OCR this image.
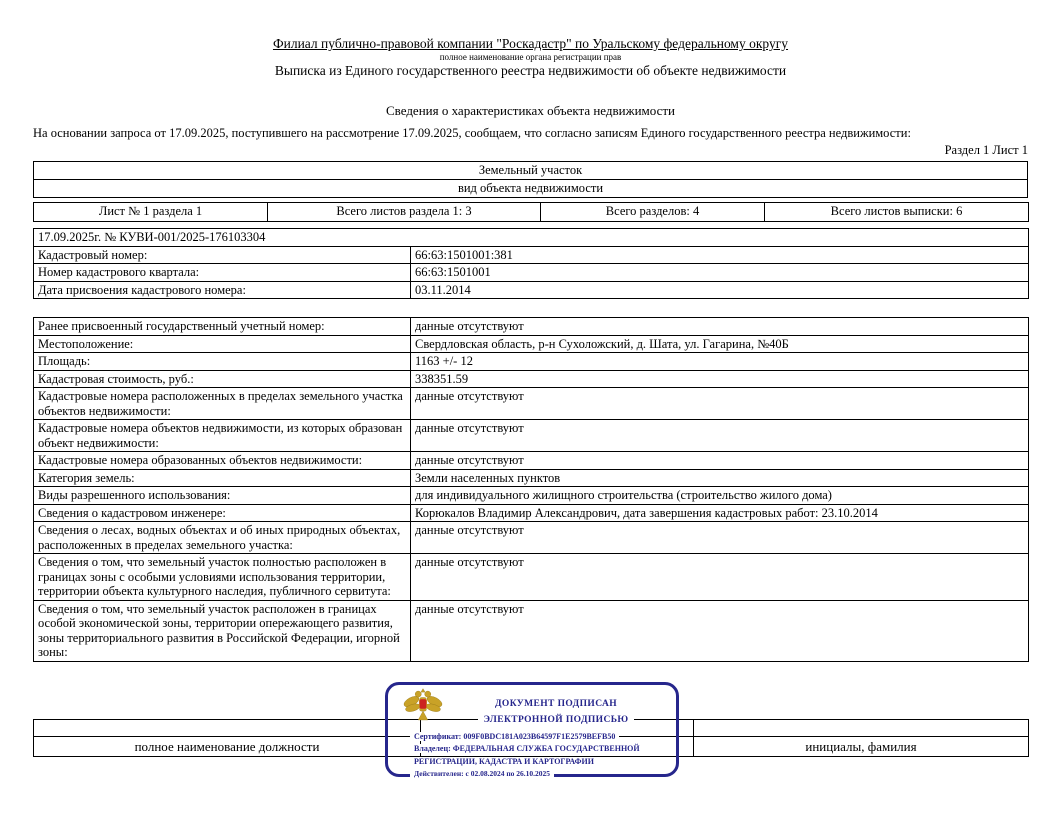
Филиал публично-правовой компании "Роскадастр" по Уральскому федеральному округу
полное наименование органа регистрации прав
Выписка из Единого государственного реестра недвижимости об объекте недвижимости
Сведения о характеристиках объекта недвижимости
На основании запроса от 17.09.2025, поступившего на рассмотрение 17.09.2025, сообщаем, что согласно записям Единого государственного реестра недвижимости:
Раздел 1 Лист 1
Земельный участок
вид объекта недвижимости
Лист № 1 раздела 1	Всего листов раздела 1: 3	Всего разделов: 4	Всего листов выписки: 6
17.09.2025г. № КУВИ-001/2025-176103304	
Кадастровый номер:	66:63:1501001:381
Номер кадастрового квартала:	66:63:1501001
Дата присвоения кадастрового номера:	03.11.2014
Ранее присвоенный государственный учетный номер:	данные отсутствуют
Местоположение:	Свердловская область, р-н Сухоложский, д. Шата, ул. Гагарина, №40Б
Площадь:	1163 +/- 12
Кадастровая стоимость, руб.:	338351.59
Кадастровые номера расположенных в пределах земельного участка объектов недвижимости:	данные отсутствуют
Кадастровые номера объектов недвижимости, из которых образован объект недвижимости:	данные отсутствуют
Кадастровые номера образованных объектов недвижимости:	данные отсутствуют
Категория земель:	Земли населенных пунктов
Виды разрешенного использования:	для индивидуального жилищного строительства (строительство жилого дома)
Сведения о кадастровом инженере:	Корюкалов Владимир Александрович, дата завершения кадастровых работ: 23.10.2014
Сведения о лесах, водных объектах и об иных природных объектах, расположенных в пределах земельного участка:	данные отсутствуют
Сведения о том, что земельный участок полностью расположен в границах зоны с особыми условиями использования территории, территории объекта культурного наследия, публичного сервитута:	данные отсутствуют
Сведения о том, что земельный участок расположен в границах особой экономической зоны, территории опережающего развития, зоны территориального развития в Российской Федерации, игорной зоны:	данные отсутствуют

полное наименование должности		инициалы, фамилия
ДОКУМЕНТ ПОДПИСАН
ЭЛЕКТРОННОЙ ПОДПИСЬЮ
Сертификат: 009F0BDC181A023B64597F1E2579BEFB50
Владелец: ФЕДЕРАЛЬНАЯ СЛУЖБА ГОСУДАРСТВЕННОЙ
РЕГИСТРАЦИИ, КАДАСТРА И КАРТОГРАФИИ
Действителен: с 02.08.2024 по 26.10.2025
